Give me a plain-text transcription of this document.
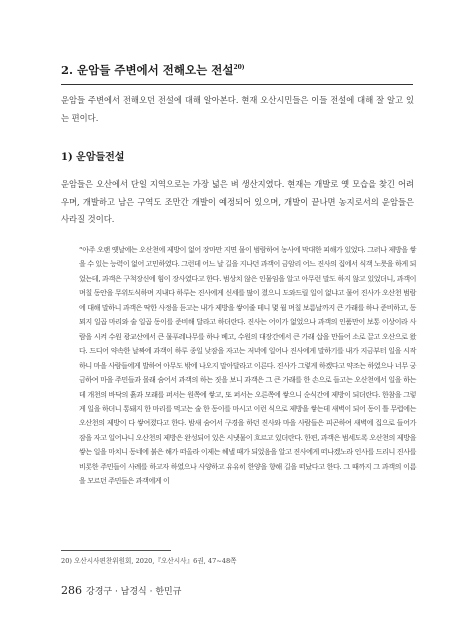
2. 운암들 주변에서 전해오는 전설$^{20)}$

운암들 주변에서 전해오던 전설에 대해 알아본다. 현재 오산시민들은 이들 전설에 대해 잘 알고 있는 편이다.

1) 운암들전설

운암들은 오산에서 단일 지역으로는 가장 넓은 벼 생산지였다. 현재는 개발로 옛 모습을 찾긴 어려우며, 개발하고 남은 구역도 조만간 개발이 예정되어 있으며, 개발이 끝나면 농지로서의 운암들은 사라질 것이다.

“아주 오랜 옛날에는 오산천에 제방이 없어 장마만 지면 물이 범람하여 농사에 막대한 피해가 있었다. 그러나 제방을 쌓을 수 있는 능력이 없어 고민하였다. 그런데 어느 날 길을 지나던 과객이 금암리 어느 진사의 집에서 식객 노릇을 하게 되었는데, 과객은 구척장신에 힘이 장사였다고 한다. 범상치 않은 인물임을 알고 아무런 말도 하지 않고 있었더니, 과객이 며칠 동안을 무위도식하며 지내다 하루는 진사에게 신세를 많이 졌으니 도와드릴 일이 없냐고 물어 진사가 오산천 범람에 대해 말하니 과객은 딱한 사정을 듣고는 내가 제방을 쌓이줄 테니 몇 월 며칠 보름날까지 큰 가래를 하나 준비하고, 동뫼지 일곱 마리와 술 일곱 동이를 준비해 달라고 하더란다. 진사는 어이가 없었으나 과객의 인품만이 보통 이상이라 사람을 시켜 수원 광교산에서 큰 물푸레나무를 하나 베고, 수원의 대장간에서 큰 가래 삽을 만들어 소로 끌고 오산으로 왔다. 드디어 약속한 날짜에 과객이 하루 종일 낮잠을 자고는 저녁에 일어나 진사에게 말하기를 내가 지금부터 일을 시작하니 마을 사람들에게 발하여 아무도 밖에 나오지 말아달라고 이른다. 진사가 그렇게 하겠다고 약조는 하였으나 너무 궁금하여 마을 주민들과 몰래 숨어서 과객의 하는 짓을 보니 과객은 그 큰 가래를 한 손으로 들고는 오산천에서 일을 하는데 개천의 바닥의 흙과 모래를 퍼서는 원쪽에 쌓고, 또 퍼서는 오른쪽에 쌓으니 순식간에 제방이 되더란다. 한참을 그렇게 일을 하더니 통돼지 한 마리를 먹고는 술 한 동이를 마시고 이런 식으로 제방을 쌓는데 새벽이 되어 동이 틀 무렵에는 오산천의 제방이 다 쌓여졌다고 한다. 밤새 숨어서 구경을 하던 진사와 마을 사람들은 피곤하여 새벽에 집으로 들어가 잠을 자고 일어나니 오산천의 제방은 완성되어 있은 시냇물이 흐르고 있더란다. 한편, 과객은 범세도록 오산천의 제방을 쌓는 일을 마치니 동네에 붉은 해가 떠올라 이제는 헤낼 때가 되었음을 알고 진사에게 떠나겠노라 인사를 드리니 진사를 비롯한 주민들이 사례를 하고자 하였으나 사양하고 유유히 한양을 향해 길을 떠났다고 한다. 그 때까지 그 과객의 이름을 모르던 주민들은 과객에게 이

20) 오산시사편찬위원회, 2020,『오산시사』6권, 47~48쪽

286 강경구 · 남경식 · 한민규
